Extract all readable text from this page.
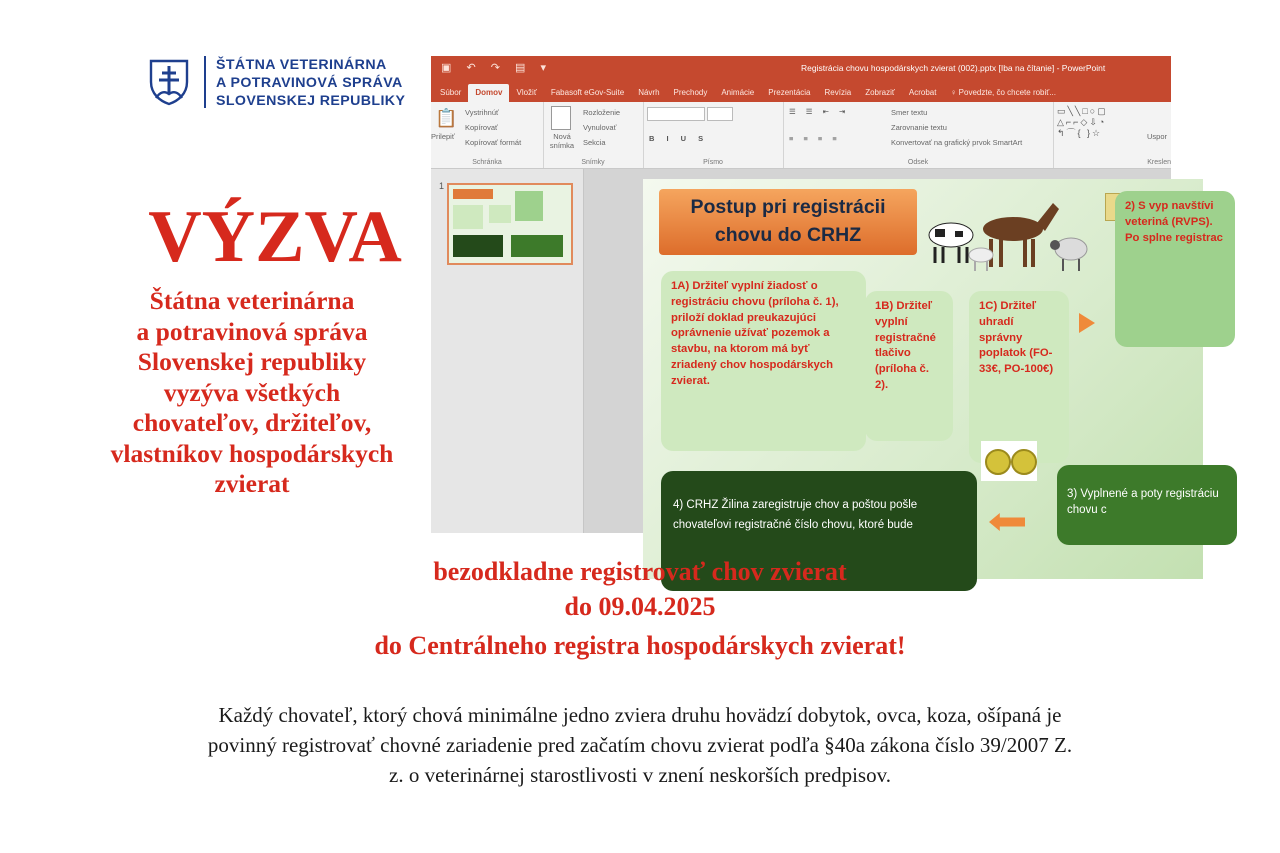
ŠTÁTNA VETERINÁRNA
A POTRAVINOVÁ SPRÁVA
SLOVENSKEJ REPUBLIKY
VÝZVA
Štátna veterinárna
a potravinová správa
Slovenskej republiky
vyzýva všetkých
chovateľov, držiteľov,
vlastníkov hospodárskych
zvierat
▣ ↶ ↷ ▤ ▾	Registrácia chovu hospodárskych zvierat (002).pptx [Iba na čítanie] - PowerPoint
Súbor	Domov	Vložiť	Fabasoft eGov-Suite	Návrh	Prechody	Animácie	Prezentácia	Revízia	Zobraziť	Acrobat	♀ Povedzte, čo chcete robiť...
📋
Prilepiť
Vystrihnúť
Kopírovať
Kopírovať formát
Schránka
Nová snímka
Rozloženie
Vynulovať
Sekcia
Snímky
B I U S
Písmo
☰ ☰ ⇤ ⇥
≡ ≡ ≡ ≡
Smer textu
Zarovnanie textu
Konvertovať na grafický prvok SmartArt
Odsek
▭╲╲□○▢
△⌐⌐◇⇩◔
↰⌒{ }☆	Uspor
Kreslen
1
Postup pri registrácii
chovu do CRHZ
1A) Držiteľ vyplní žiadosť o registráciu chovu (príloha č. 1), priloží doklad preukazujúci oprávnenie užívať pozemok a stavbu, na ktorom má byť zriadený chov hospodárskych zvierat.
1B) Držiteľ vyplní registračné tlačivo (príloha č. 2).
1C) Držiteľ uhradí správny poplatok (FO- 33€, PO-100€)
2) S vyp navštívi veteriná (RVPS). Po splne registrac
3) Vyplnené a poty registráciu chovu c
4) CRHZ Žilina zaregistruje chov a poštou pošle chovateľovi registračné číslo chovu, ktoré bude
bezodkladne registrovať chov zvierat
do 09.04.2025
do Centrálneho registra hospodárskych zvierat!
Každý chovateľ, ktorý chová minimálne jedno zviera druhu hovädzí dobytok, ovca, koza, ošípaná je
povinný registrovať chovné zariadenie pred začatím chovu zvierat podľa §40a zákona číslo 39/2007 Z.
z. o veterinárnej starostlivosti v znení neskorších predpisov.
